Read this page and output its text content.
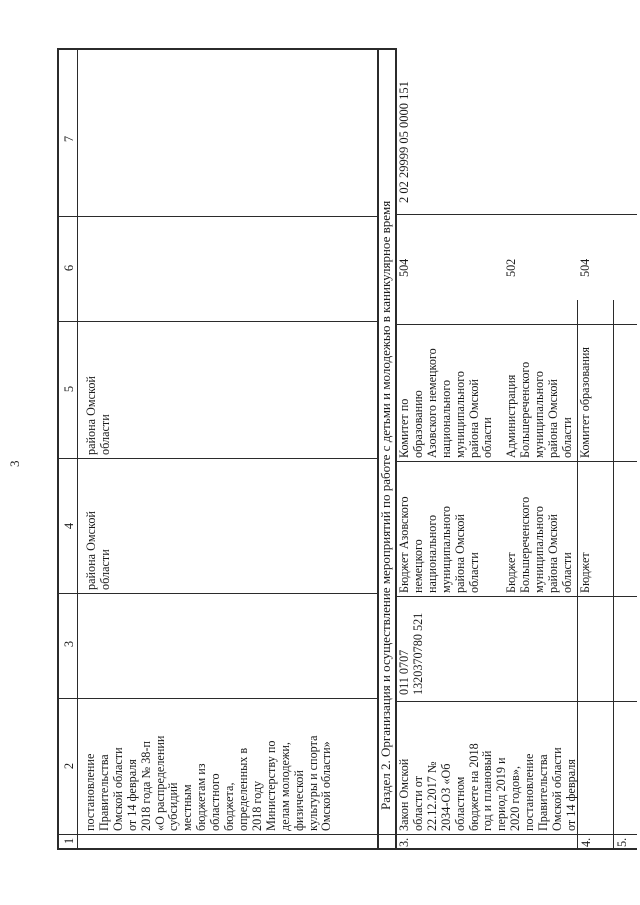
3
1
2
3
4
5
6
7
постановление
Правительства
Омской области
от 14 февраля
2018 года № 38-п
«О распределении
субсидий
местным
бюджетам из
областного
бюджета,
определенных в
2018 году
Министерству по
делам молодежи,
физической
культуры и спорта
Омской области»
района Омской
области
района Омской
области	Раздел 2. Организация и осуществление мероприятий по работе с детьми и молодежью в каникулярное время
3.
Закон Омской
области от
22.12.2017 №
2034-ОЗ «Об
областном
бюджете на 2018
год и плановый
период 2019 и
2020 годов»,
постановление
Правительства
Омской области
от 14 февраля
011 0707
1320370780 521
Бюджет Азовского
немецкого
национального
муниципального
района Омской
области
Комитет по
образованию
Азовского немецкого
национального
муниципального
района Омской
области
504
2 02 29999 05 0000 151
4.
Бюджет
Большереченского
муниципального
района Омской
области
Администрация
Большереченского
муниципального
района Омской
области
502
5.
Бюджет
Комитет образования
504
